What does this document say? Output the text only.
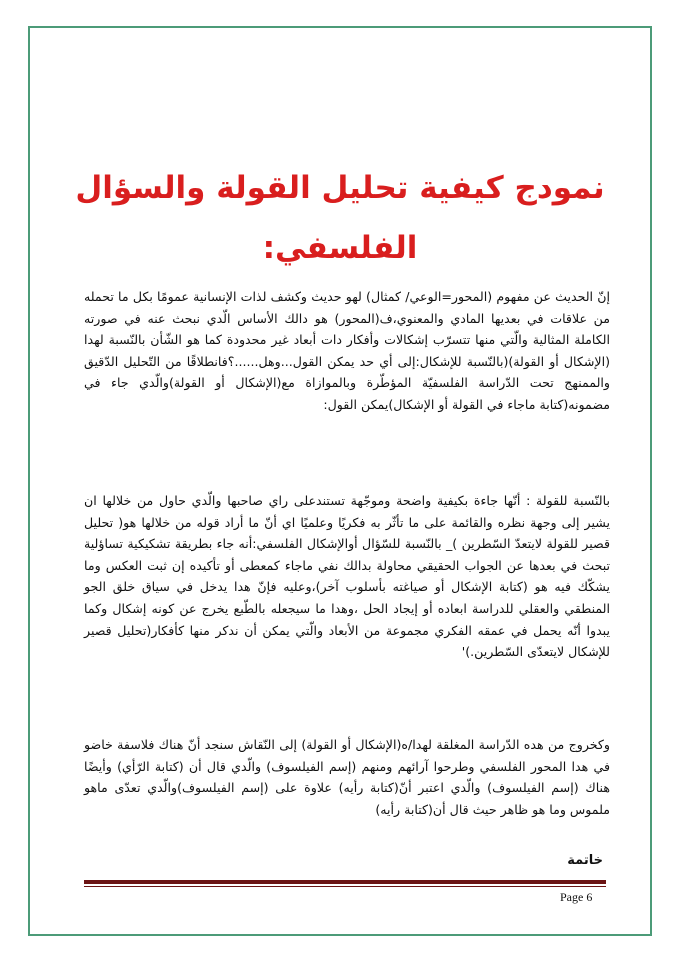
نمودج كيفية تحليل القولة والسؤال الفلسفي:
إنّ الحديث عن مفهوم (المحور=الوعي/ كمثال) لهو حديث وكشف لذات الإنسانية عمومًا بكل ما تحمله من علاقات في بعديها المادي والمعنوي،ف(المحور) هو دالك الأساس الّدي نبحث عنه في صورته الكاملة المثالية والّتي منها تتسرّب إشكالات وأفكار دات أبعاد غير محدودة كما هو الشّأن بالنّسبة لهدا (الإشكال أو القولة)(بالنّسبة للإشكال:إلى أي حد يمكن القول...وهل......؟فانطلاقًا من التّحليل الدّقيق والممنهج تحت الدّراسة الفلسفيّة المؤطّرة وبالموازاة مع(الإشكال أو القولة)والّدي جاء في مضمونه(كتابة ماجاء في القولة أو الإشكال)يمكن القول:
بالنّسبة للقولة : أنّها جاءة بكيفية واضحة وموجّهة تستندعلى راي صاحبها والّدي حاول من خلالها ان يشير إلى وجهة نظره والقائمة على ما تأثّر به فكريًا وعلميًا اي أنّ ما أراد قوله من خلالها هو( تحليل قصير للقولة لايتعدّ السّطرين )_ بالنّسبة للسّؤال أوالإشكال الفلسفي:أنه جاء بطريقة تشكيكية تساؤلية تبحث في بعدها عن الجواب الحقيقي محاولة بدالك نفي ماجاء كمعطى أو تأكيده إن ثبت العكس وما يشكّك فيه هو (كتابة الإشكال أو صياغته بأسلوب آخر)،وعليه فإنّ هدا يدخل في سياق خلق الجو المنطقي والعقلي للدراسة ابعاده أو إيجاد الحل ،وهدا ما سيجعله بالطّبع يخرج عن كونه إشكال وكما يبدوا أنّه يحمل في عمقه الفكري مجموعة من الأبعاد والّتي يمكن أن ندكر منها كأفكار(تحليل قصير للإشكال لايتعدّى السّطرين.)'
وكخروج من هده الدّراسة المغلقة لهدا/ه(الإشكال أو القولة) إلى النّقاش سنجد أنّ هناك فلاسفة خاضو في هدا المحور الفلسفي وطرحوا آرائهم ومنهم (إسم الفيلسوف) والّدي قال أن (كتابة الرّأي) وأيضًا هناك (إسم الفيلسوف) والّدي اعتبر أنّ(كتابة رأيه) علاوة على (إسم الفيلسوف)والّدي تعدّى ماهو ملموس وما هو ظاهر حيث قال أن(كتابة رأيه)
خاتمة
Page 6
